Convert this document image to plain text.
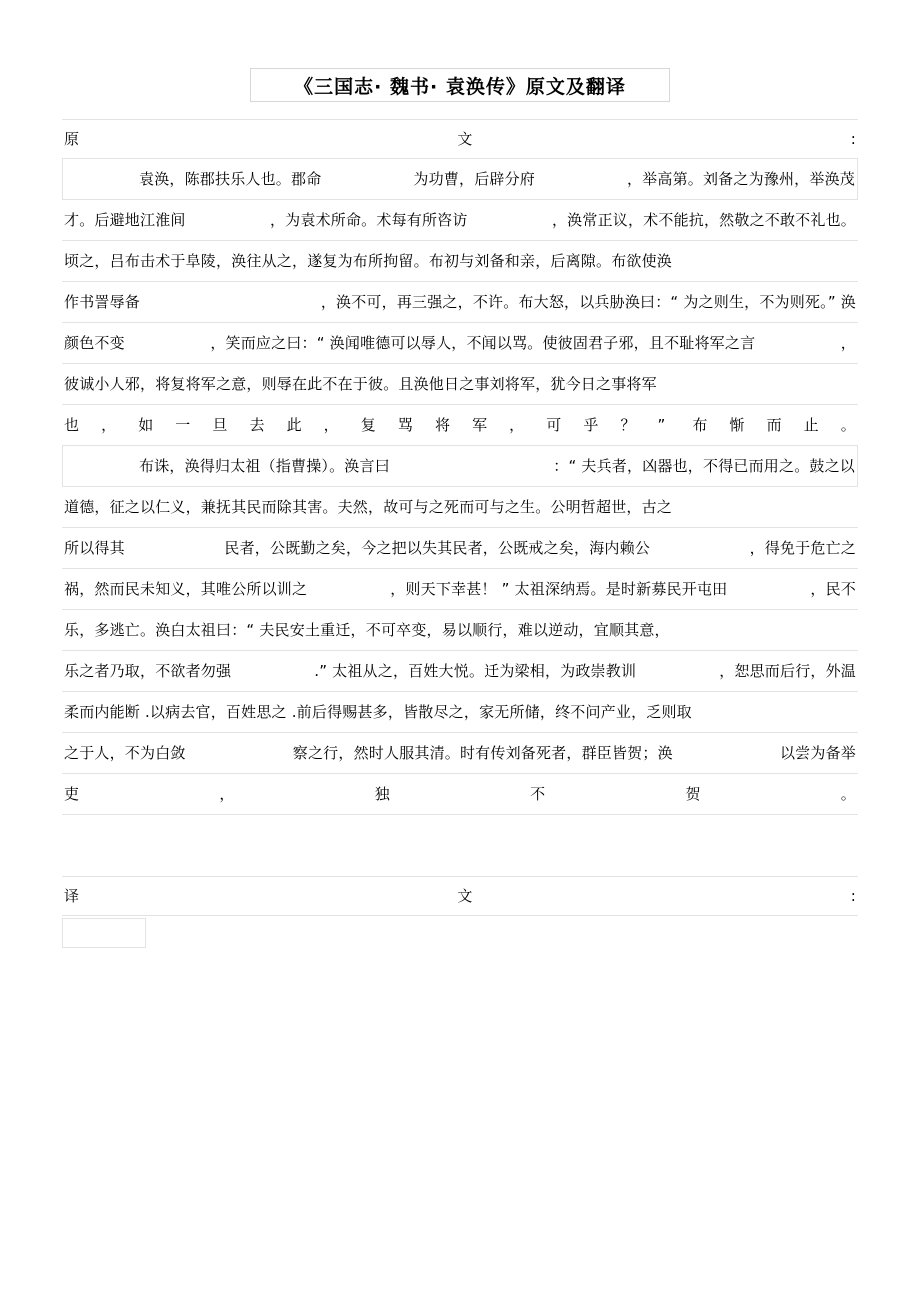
《三国志· 魏书· 袁涣传》原文及翻译
原	文	:
袁涣，陈郡扶乐人也。郡命	为功曹，后辟分府	，举高第。刘备之为豫州，举涣茂
才。后避地江淮间	，为袁术所命。术每有所咨访	，涣常正议，术不能抗，然敬之不敢不礼也。
顷之，吕布击术于阜陵，涣往从之，遂复为布所拘留。布初与刘备和亲，后离隙。布欲使涣
作书詈辱备	，涣不可，再三强之，不许。布大怒，以兵胁涣曰：“ 为之则生，不为则死。” 涣
颜色不变	，笑而应之曰：“ 涣闻唯德可以辱人，不闻以骂。使彼固君子邪，且不耻将军之言	，
彼诚小人邪，将复将军之意，则辱在此不在于彼。且涣他日之事刘将军，犹今日之事将军
也，如一旦去此，复骂将军，可乎？” 布惭而止。
布诛，涣得归太祖（指曹操）。涣言曰	：“ 夫兵者，凶器也，不得已而用之。鼓之以
道德，征之以仁义，兼抚其民而除其害。夫然，故可与之死而可与之生。公明哲超世，古之
所以得其	民者，公既勤之矣，今之把以失其民者，公既戒之矣，海内赖公	，得免于危亡之
祸，然而民未知义，其唯公所以训之	，则天下幸甚！ ” 太祖深纳焉。是时新募民开屯田	，民不
乐，多逃亡。涣白太祖曰：“ 夫民安土重迁，不可卒变，易以顺行，难以逆动，宜顺其意，
乐之者乃取，不欲者勿强	.” 太祖从之，百姓大悦。迁为梁相，为政崇教训	，恕思而后行，外温
柔而内能断 .以病去官，百姓思之 .前后得赐甚多，皆散尽之，家无所储，终不问产业，乏则取
之于人，不为白敛	察之行，然时人服其清。时有传刘备死者，群臣皆贺；涣	以尝为备举
吏，独不贺。
译	文	:
